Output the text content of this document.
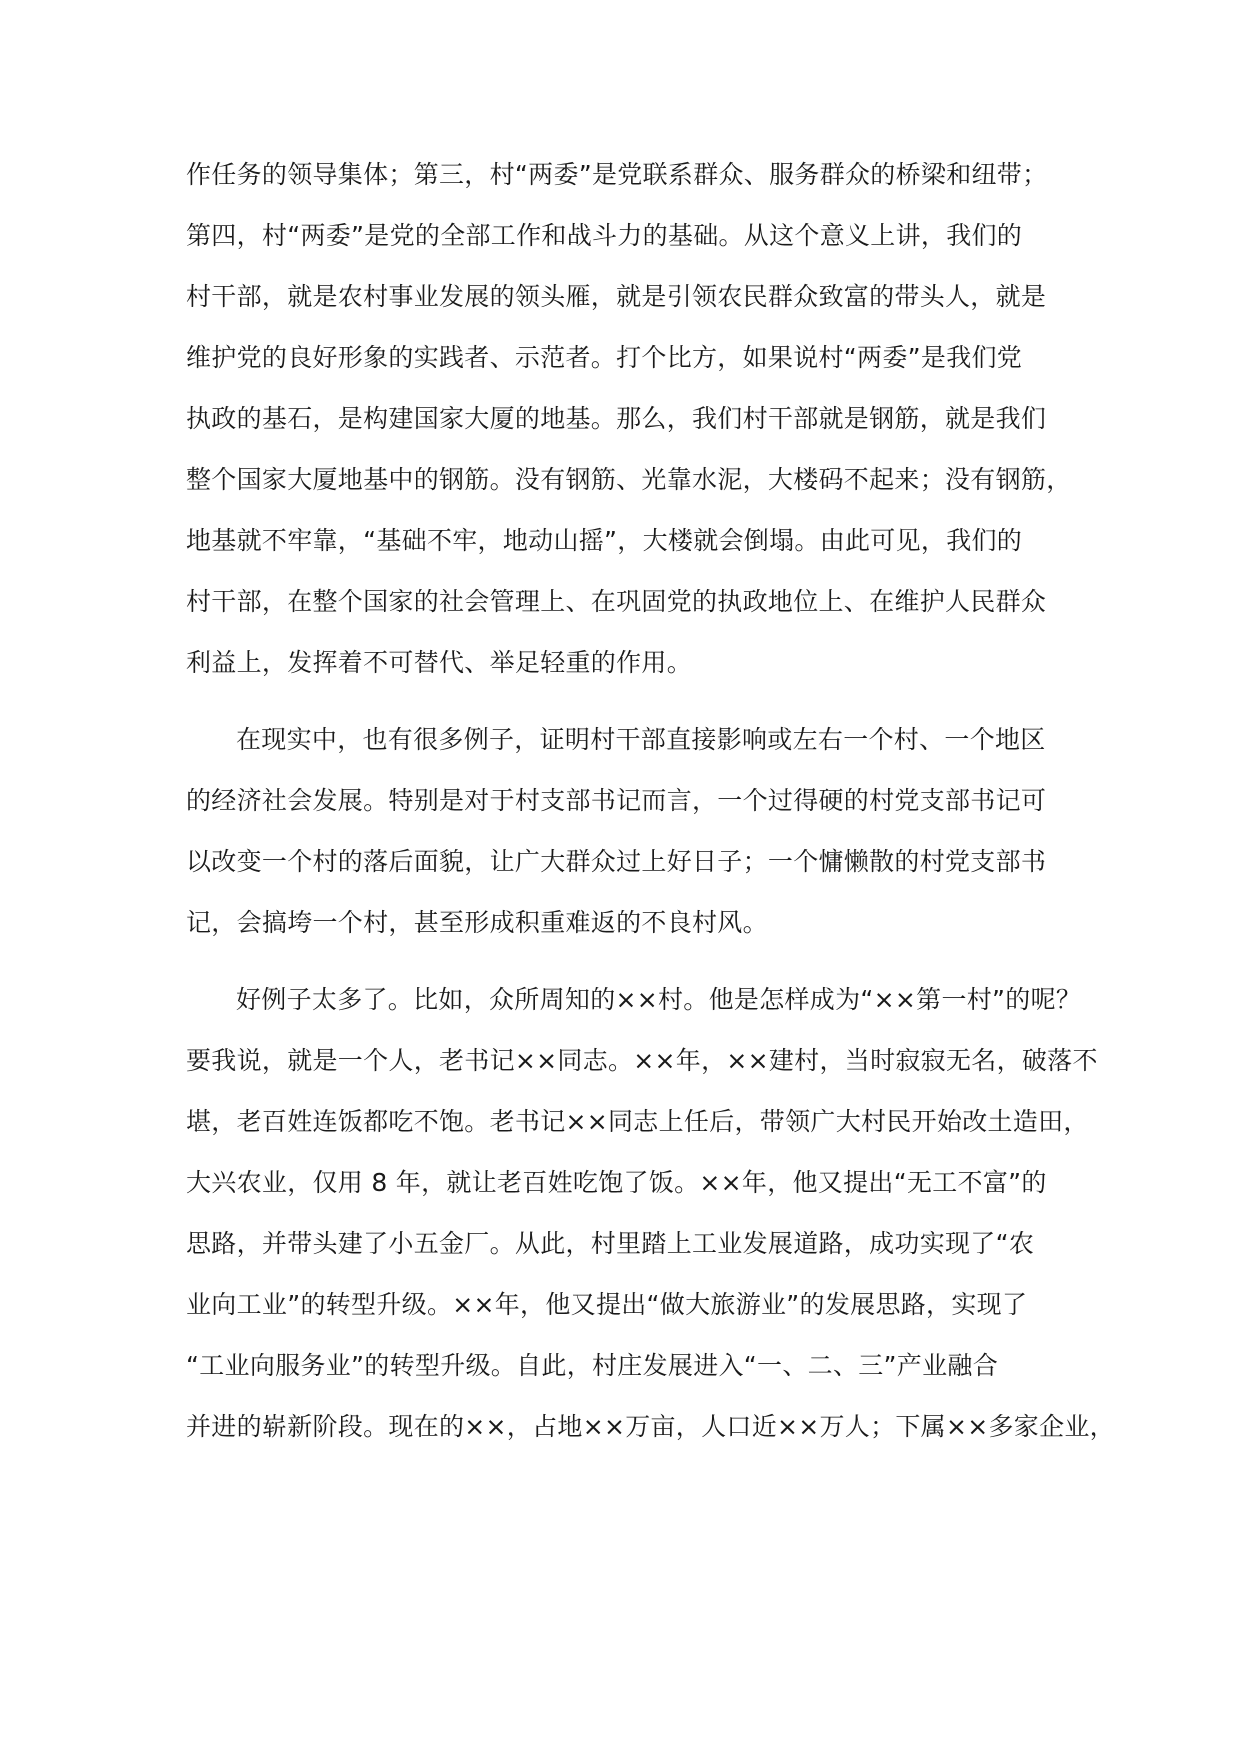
作任务的领导集体；第三，村“两委”是党联系群众、服务群众的桥梁和纽带；
第四，村“两委”是党的全部工作和战斗力的基础。从这个意义上讲，我们的
村干部，就是农村事业发展的领头雁，就是引领农民群众致富的带头人，就是
维护党的良好形象的实践者、示范者。打个比方，如果说村“两委”是我们党
执政的基石，是构建国家大厦的地基。那么，我们村干部就是钢筋，就是我们
整个国家大厦地基中的钢筋。没有钢筋、光靠水泥，大楼码不起来；没有钢筋，
地基就不牢靠，“基础不牢，地动山摇”，大楼就会倒塌。由此可见，我们的
村干部，在整个国家的社会管理上、在巩固党的执政地位上、在维护人民群众
利益上，发挥着不可替代、举足轻重的作用。
在现实中，也有很多例子，证明村干部直接影响或左右一个村、一个地区
的经济社会发展。特别是对于村支部书记而言，一个过得硬的村党支部书记可
以改变一个村的落后面貌，让广大群众过上好日子；一个慵懒散的村党支部书
记，会搞垮一个村，甚至形成积重难返的不良村风。
好例子太多了。比如，众所周知的××村。他是怎样成为“××第一村”的呢？
要我说，就是一个人，老书记××同志。××年，××建村，当时寂寂无名，破落不
堪，老百姓连饭都吃不饱。老书记××同志上任后，带领广大村民开始改土造田，
大兴农业，仅用 8 年，就让老百姓吃饱了饭。××年，他又提出“无工不富”的
思路，并带头建了小五金厂。从此，村里踏上工业发展道路，成功实现了“农
业向工业”的转型升级。××年，他又提出“做大旅游业”的发展思路，实现了
“工业向服务业”的转型升级。自此，村庄发展进入“一、二、三”产业融合
并进的崭新阶段。现在的××，占地××万亩，人口近××万人；下属××多家企业，
